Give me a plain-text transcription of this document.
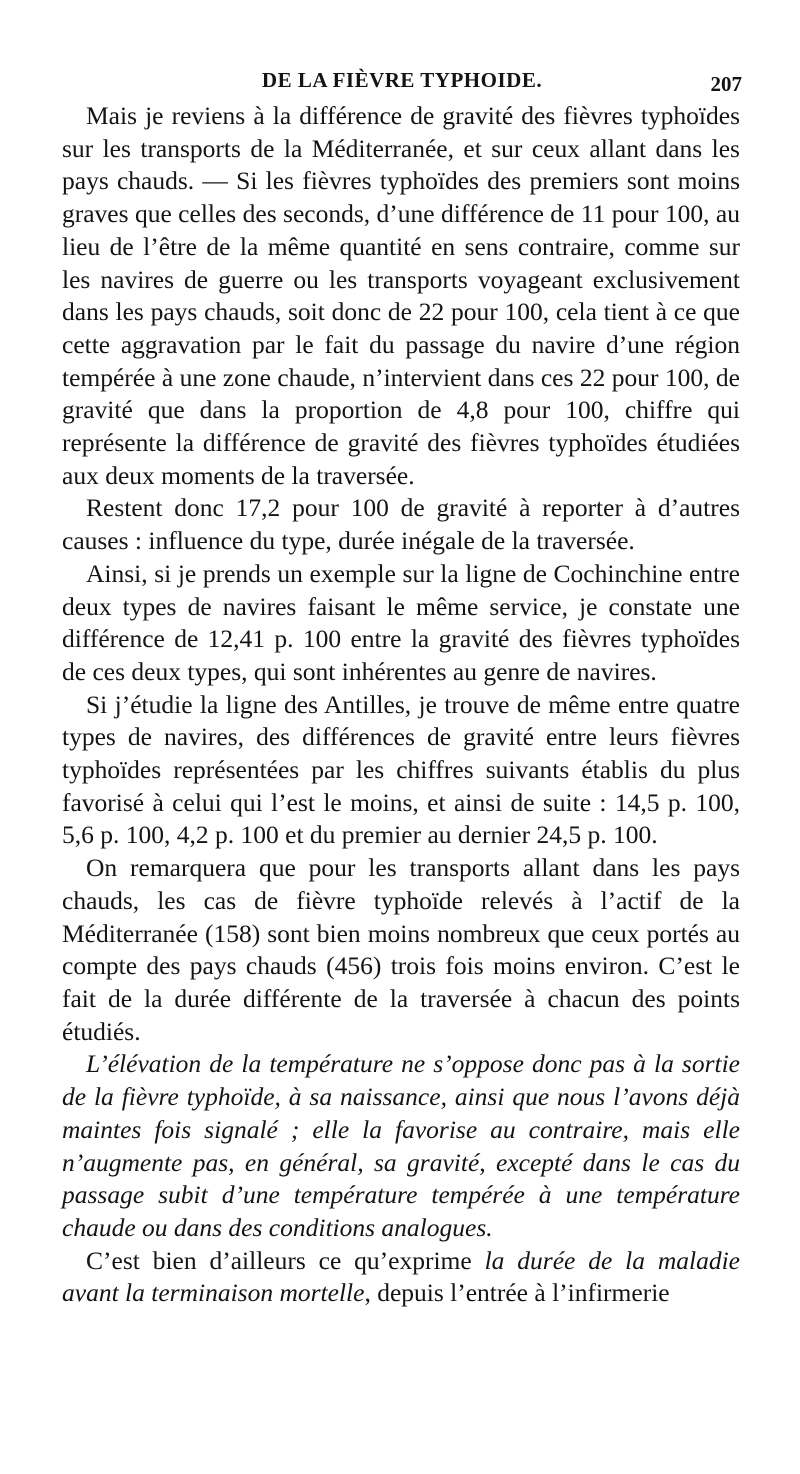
DE LA FIÈVRE TYPHOIDE.	207

Mais je reviens à la différence de gravité des fièvres typhoïdes sur les transports de la Méditerranée, et sur ceux allant dans les pays chauds. — Si les fièvres typhoïdes des premiers sont moins graves que celles des seconds, d’une différence de 11 pour 100, au lieu de l’être de la même quantité en sens contraire, comme sur les navires de guerre ou les transports voyageant exclusivement dans les pays chauds, soit donc de 22 pour 100, cela tient à ce que cette aggravation par le fait du passage du navire d’une région tempérée à une zone chaude, n’intervient dans ces 22 pour 100, de gravité que dans la proportion de 4,8 pour 100, chiffre qui représente la différence de gravité des fièvres typhoïdes étudiées aux deux moments de la traversée.

Restent donc 17,2 pour 100 de gravité à reporter à d’autres causes : influence du type, durée inégale de la traversée.

Ainsi, si je prends un exemple sur la ligne de Cochinchine entre deux types de navires faisant le même service, je constate une différence de 12,41 p. 100 entre la gravité des fièvres typhoïdes de ces deux types, qui sont inhérentes au genre de navires.

Si j’étudie la ligne des Antilles, je trouve de même entre quatre types de navires, des différences de gravité entre leurs fièvres typhoïdes représentées par les chiffres suivants établis du plus favorisé à celui qui l’est le moins, et ainsi de suite : 14,5 p. 100, 5,6 p. 100, 4,2 p. 100 et du premier au dernier 24,5 p. 100.

On remarquera que pour les transports allant dans les pays chauds, les cas de fièvre typhoïde relevés à l’actif de la Méditerranée (158) sont bien moins nombreux que ceux portés au compte des pays chauds (456) trois fois moins environ. C’est le fait de la durée différente de la traversée à chacun des points étudiés.

L’élévation de la température ne s’oppose donc pas à la sortie de la fièvre typhoïde, à sa naissance, ainsi que nous l’avons déjà maintes fois signalé ; elle la favorise au contraire, mais elle n’augmente pas, en général, sa gravité, excepté dans le cas du passage subit d’une température tempérée à une température chaude ou dans des conditions analogues.

C’est bien d’ailleurs ce qu’exprime la durée de la maladie avant la terminaison mortelle, depuis l’entrée à l’infirmerie
